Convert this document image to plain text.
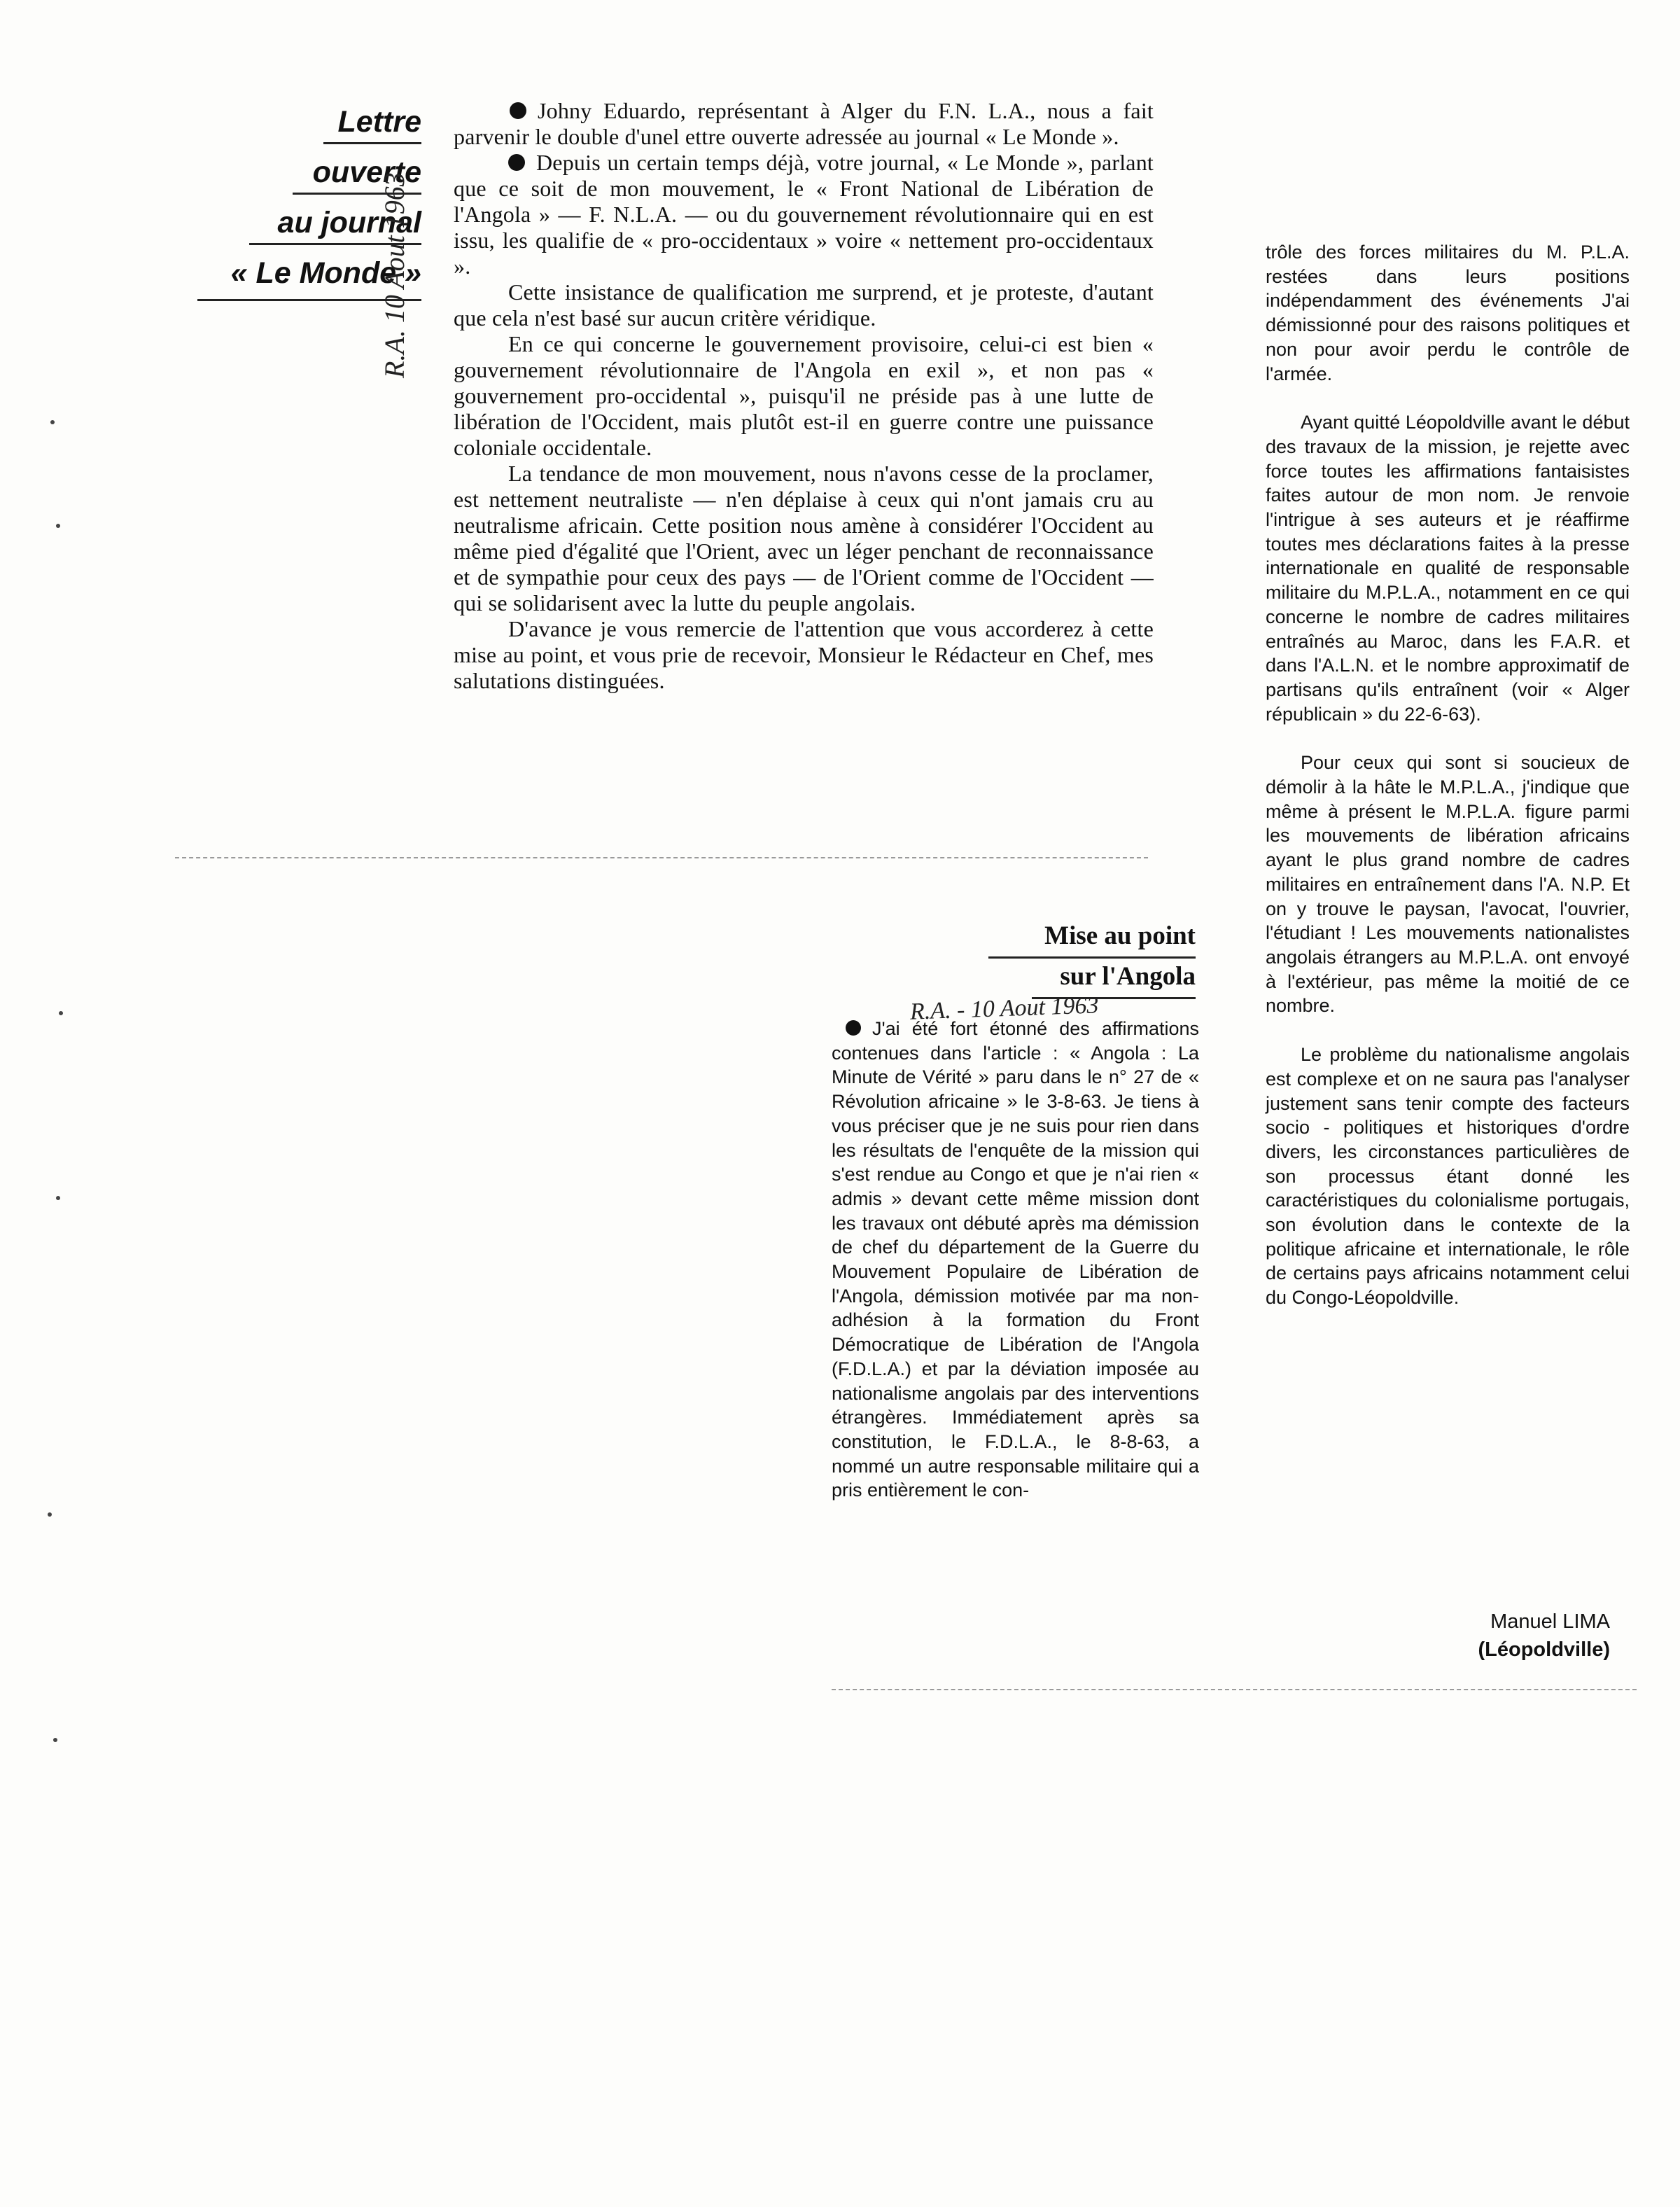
Lettre
ouverte
au journal
« Le Monde »
R.A. 10 Aout 1963

Johny Eduardo, représentant à Alger du F.N. L.A., nous a fait parvenir le double d'unel ettre ouverte adressée au journal « Le Monde ».

Depuis un certain temps déjà, votre journal, « Le Monde », parlant que ce soit de mon mouvement, le « Front National de Libération de l'Angola » — F. N.L.A. — ou du gouvernement révolutionnaire qui en est issu, les qualifie de « pro-occidentaux » voire « nettement pro-occidentaux ».

Cette insistance de qualification me surprend, et je proteste, d'autant que cela n'est basé sur aucun critère véridique.

En ce qui concerne le gouvernement provisoire, celui-ci est bien « gouvernement révolutionnaire de l'Angola en exil », et non pas « gouvernement pro-occidental », puisqu'il ne préside pas à une lutte de libération de l'Occident, mais plutôt est-il en guerre contre une puissance coloniale occidentale.

La tendance de mon mouvement, nous n'avons cesse de la proclamer, est nettement neutraliste — n'en déplaise à ceux qui n'ont jamais cru au neutralisme africain. Cette position nous amène à considérer l'Occident au même pied d'égalité que l'Orient, avec un léger penchant de reconnaissance et de sympathie pour ceux des pays — de l'Orient comme de l'Occident — qui se solidarisent avec la lutte du peuple angolais.

D'avance je vous remercie de l'attention que vous accorderez à cette mise au point, et vous prie de recevoir, Monsieur le Rédacteur en Chef, mes salutations distinguées.

Mise au point
sur l'Angola
R.A. - 10 Aout 1963

J'ai été fort étonné des affirmations contenues dans l'article : « Angola : La Minute de Vérité » paru dans le n° 27 de « Révolution africaine » le 3-8-63. Je tiens à vous préciser que je ne suis pour rien dans les résultats de l'enquête de la mission qui s'est rendue au Congo et que je n'ai rien « admis » devant cette même mission dont les travaux ont débuté après ma démission de chef du département de la Guerre du Mouvement Populaire de Libération de l'Angola, démission motivée par ma non-adhésion à la formation du Front Démocratique de Libération de l'Angola (F.D.L.A.) et par la déviation imposée au nationalisme angolais par des interventions étrangères. Immédiatement après sa constitution, le F.D.L.A., le 8-8-63, a nommé un autre responsable militaire qui a pris entièrement le con-

trôle des forces militaires du M. P.L.A. restées dans leurs positions indépendamment des événements J'ai démissionné pour des raisons politiques et non pour avoir perdu le contrôle de l'armée.

Ayant quitté Léopoldville avant le début des travaux de la mission, je rejette avec force toutes les affirmations fantaisistes faites autour de mon nom. Je renvoie l'intrigue à ses auteurs et je réaffirme toutes mes déclarations faites à la presse internationale en qualité de responsable militaire du M.P.L.A., notamment en ce qui concerne le nombre de cadres militaires entraînés au Maroc, dans les F.A.R. et dans l'A.L.N. et le nombre approximatif de partisans qu'ils entraînent (voir « Alger républicain » du 22-6-63).

Pour ceux qui sont si soucieux de démolir à la hâte le M.P.L.A., j'indique que même à présent le M.P.L.A. figure parmi les mouvements de libération africains ayant le plus grand nombre de cadres militaires en entraînement dans l'A. N.P. Et on y trouve le paysan, l'avocat, l'ouvrier, l'étudiant ! Les mouvements nationalistes angolais étrangers au M.P.L.A. ont envoyé à l'extérieur, pas même la moitié de ce nombre.

Le problème du nationalisme angolais est complexe et on ne saura pas l'analyser justement sans tenir compte des facteurs socio - politiques et historiques d'ordre divers, les circonstances particulières de son processus étant donné les caractéristiques du colonialisme portugais, son évolution dans le contexte de la politique africaine et internationale, le rôle de certains pays africains notamment celui du Congo-Léopoldville.

Manuel LIMA
(Léopoldville)
